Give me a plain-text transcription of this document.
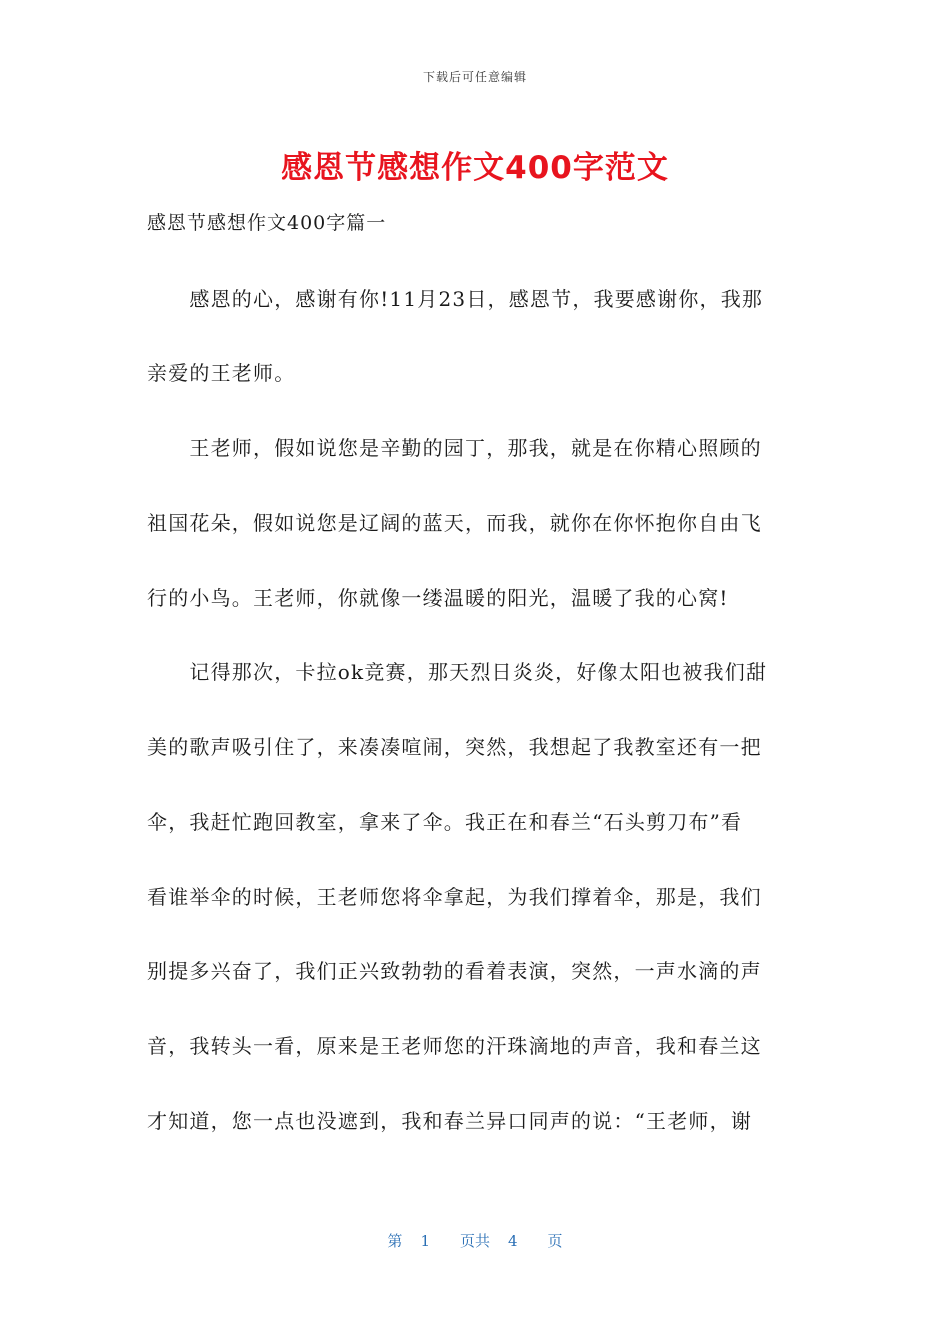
下载后可任意编辑
感恩节感想作文400字范文
感恩节感想作文400字篇一
　　感恩的心，感谢有你!11月23日，感恩节，我要感谢你，我那
亲爱的王老师。
　　王老师，假如说您是辛勤的园丁，那我，就是在你精心照顾的
祖国花朵，假如说您是辽阔的蓝天，而我，就你在你怀抱你自由飞
行的小鸟。王老师，你就像一缕温暖的阳光，温暖了我的心窝!
　　记得那次，卡拉ok竞赛，那天烈日炎炎，好像太阳也被我们甜
美的歌声吸引住了，来凑凑喧闹，突然，我想起了我教室还有一把
伞，我赶忙跑回教室，拿来了伞。我正在和春兰“石头剪刀布”看
看谁举伞的时候，王老师您将伞拿起，为我们撑着伞，那是，我们
别提多兴奋了，我们正兴致勃勃的看着表演，突然，一声水滴的声
音，我转头一看，原来是王老师您的汗珠滴地的声音，我和春兰这
才知道，您一点也没遮到，我和春兰异口同声的说：“王老师，谢
第 1 页共 4 页
